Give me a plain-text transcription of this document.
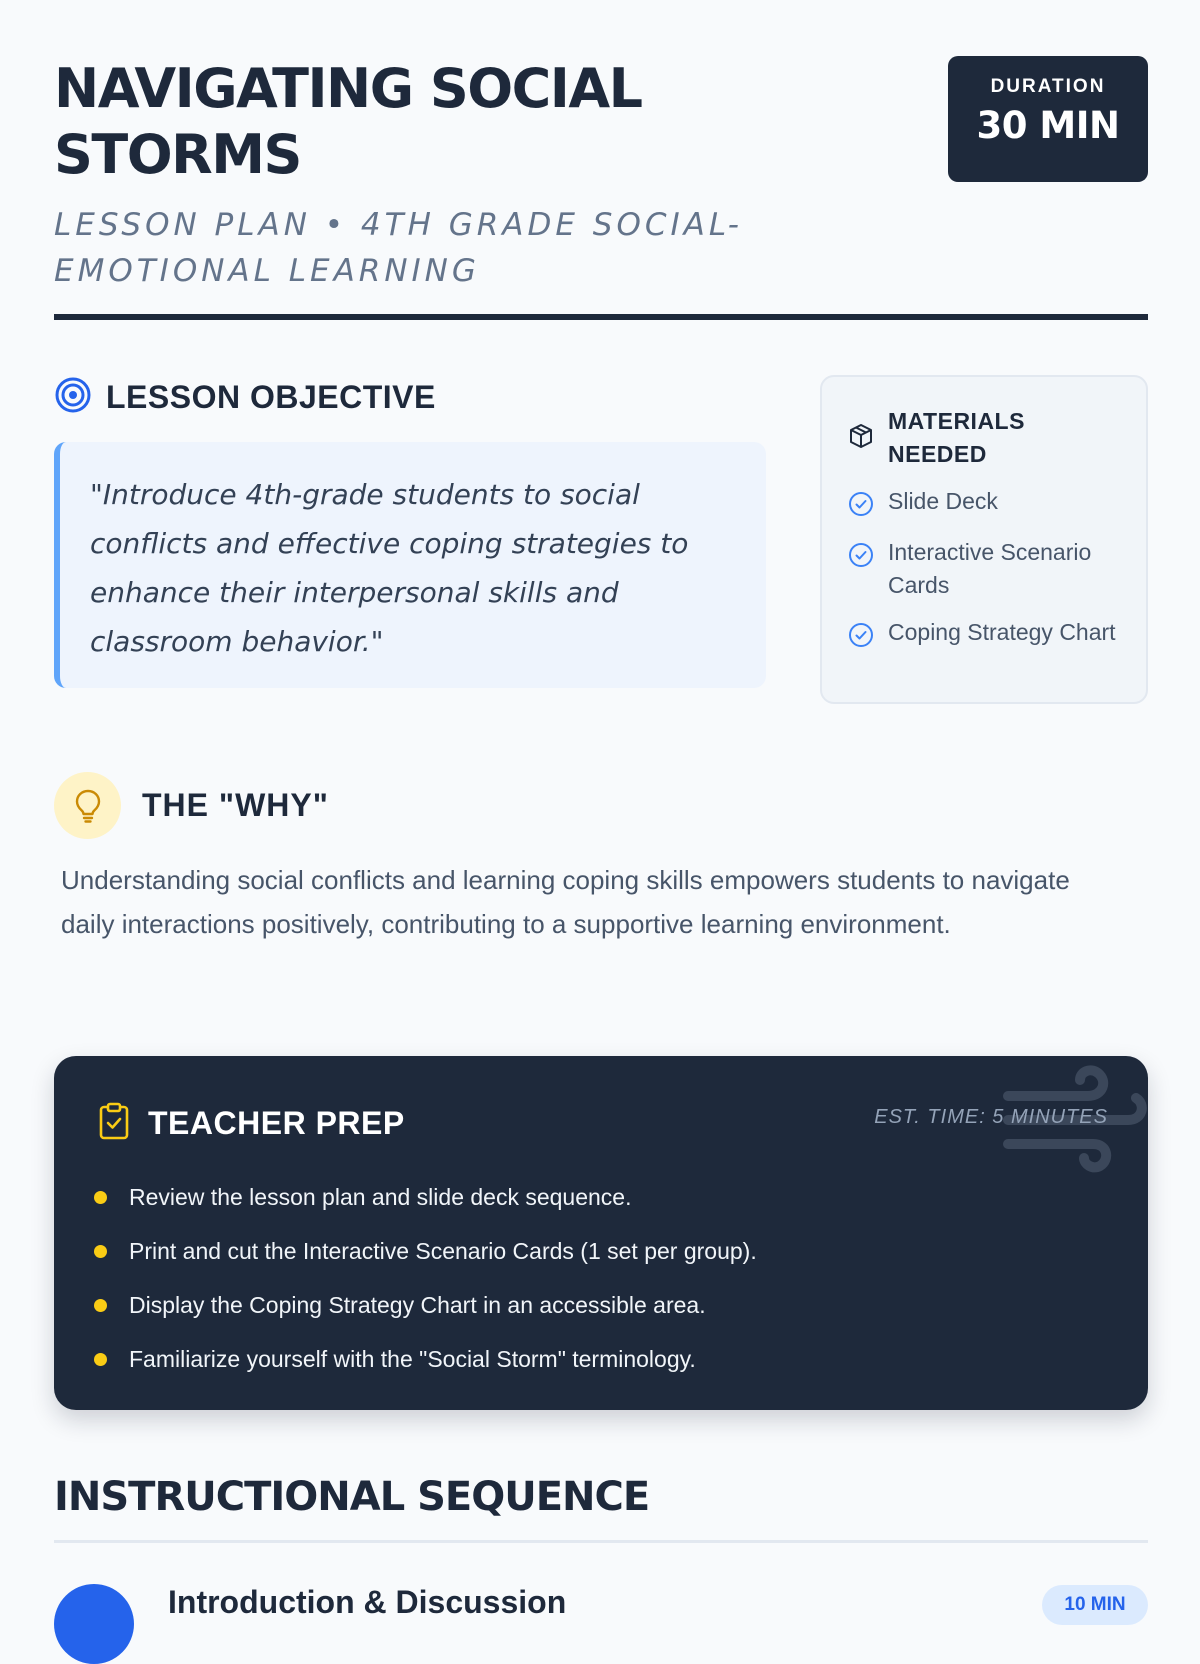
NAVIGATING SOCIAL STORMS
LESSON PLAN • 4TH GRADE SOCIAL-EMOTIONAL LEARNING
DURATION
30 MIN
LESSON OBJECTIVE

"Introduce 4th-grade students to social conflicts and effective coping strategies to enhance their interpersonal skills and classroom behavior."

MATERIALS NEEDED
Slide Deck
Interactive Scenario Cards
Coping Strategy Chart
THE "WHY"

Understanding social conflicts and learning coping skills empowers students to navigate daily interactions positively, contributing to a supportive learning environment.

TEACHER PREP	EST. TIME: 5 MINUTES
Review the lesson plan and slide deck sequence.
Print and cut the Interactive Scenario Cards (1 set per group).
Display the Coping Strategy Chart in an accessible area.
Familiarize yourself with the "Social Storm" terminology.
INSTRUCTIONAL SEQUENCE
Introduction & Discussion	10 MIN
